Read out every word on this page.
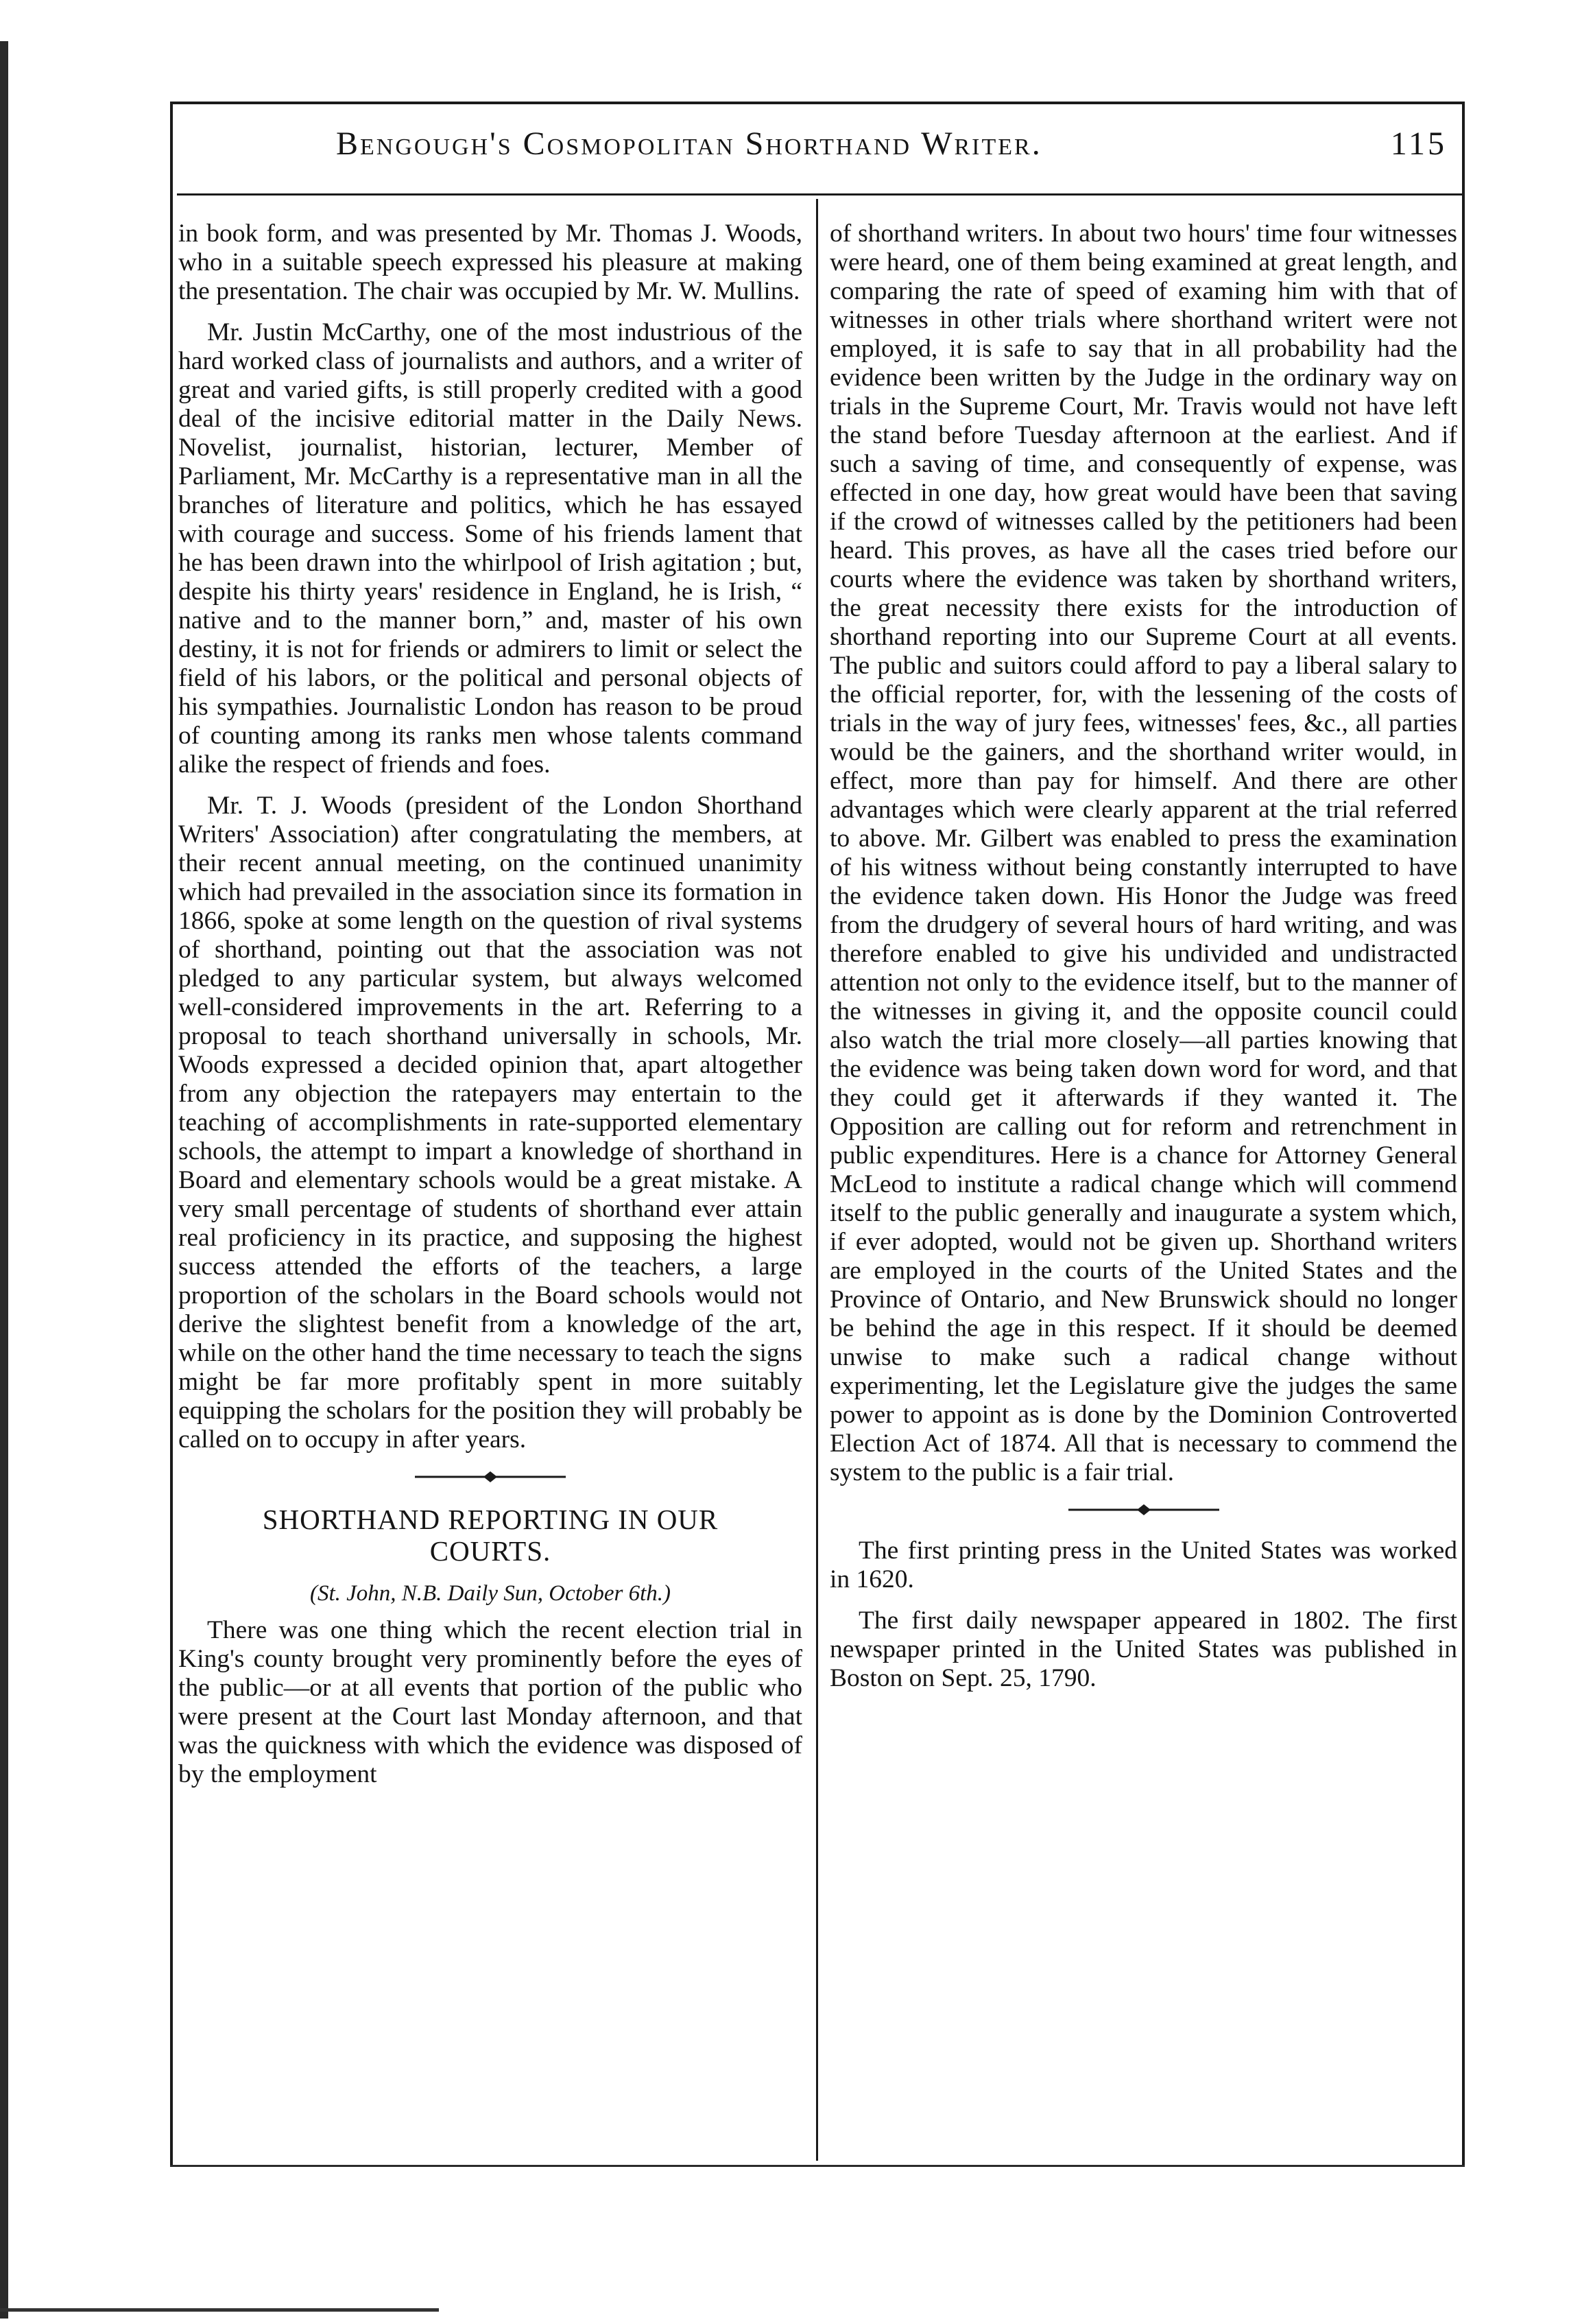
Bengough's Cosmopolitan Shorthand Writer.	115

in book form, and was presented by Mr. Thomas J. Woods, who in a suitable speech expressed his pleasure at making the presentation. The chair was occupied by Mr. W. Mullins.

Mr. Justin McCarthy, one of the most industrious of the hard worked class of journalists and authors, and a writer of great and varied gifts, is still properly credited with a good deal of the incisive editorial matter in the Daily News. Novelist, journalist, historian, lecturer, Member of Parliament, Mr. McCarthy is a representative man in all the branches of literature and politics, which he has essayed with courage and success. Some of his friends lament that he has been drawn into the whirlpool of Irish agitation ; but, despite his thirty years' residence in England, he is Irish, “ native and to the manner born,” and, master of his own destiny, it is not for friends or admirers to limit or select the field of his labors, or the political and personal objects of his sympathies. Journalistic London has reason to be proud of counting among its ranks men whose talents command alike the respect of friends and foes.

Mr. T. J. Woods (president of the London Shorthand Writers' Association) after congratulating the members, at their recent annual meeting, on the continued unanimity which had prevailed in the association since its formation in 1866, spoke at some length on the question of rival systems of shorthand, pointing out that the association was not pledged to any particular system, but always welcomed well-considered improvements in the art. Referring to a proposal to teach shorthand universally in schools, Mr. Woods expressed a decided opinion that, apart altogether from any objection the ratepayers may entertain to the teaching of accomplishments in rate-supported elementary schools, the attempt to impart a knowledge of shorthand in Board and elementary schools would be a great mistake. A very small percentage of students of shorthand ever attain real proficiency in its practice, and supposing the highest success attended the efforts of the teachers, a large proportion of the scholars in the Board schools would not derive the slightest benefit from a knowledge of the art, while on the other hand the time necessary to teach the signs might be far more profitably spent in more suitably equipping the scholars for the position they will probably be called on to occupy in after years.

SHORTHAND REPORTING IN OUR
COURTS.
(St. John, N.B. Daily Sun, October 6th.)

There was one thing which the recent election trial in King's county brought very prominently before the eyes of the public—or at all events that portion of the public who were present at the Court last Monday afternoon, and that was the quickness with which the evidence was disposed of by the employment

of shorthand writers. In about two hours' time four witnesses were heard, one of them being examined at great length, and comparing the rate of speed of examing him with that of witnesses in other trials where shorthand writert were not employed, it is safe to say that in all probability had the evidence been written by the Judge in the ordinary way on trials in the Supreme Court, Mr. Travis would not have left the stand before Tuesday afternoon at the earliest. And if such a saving of time, and consequently of expense, was effected in one day, how great would have been that saving if the crowd of witnesses called by the petitioners had been heard. This proves, as have all the cases tried before our courts where the evidence was taken by shorthand writers, the great necessity there exists for the introduction of shorthand reporting into our Supreme Court at all events. The public and suitors could afford to pay a liberal salary to the official reporter, for, with the lessening of the costs of trials in the way of jury fees, witnesses' fees, &c., all parties would be the gainers, and the shorthand writer would, in effect, more than pay for himself. And there are other advantages which were clearly apparent at the trial referred to above. Mr. Gilbert was enabled to press the examination of his witness without being constantly interrupted to have the evidence taken down. His Honor the Judge was freed from the drudgery of several hours of hard writing, and was therefore enabled to give his undivided and undistracted attention not only to the evidence itself, but to the manner of the witnesses in giving it, and the opposite council could also watch the trial more closely—all parties knowing that the evidence was being taken down word for word, and that they could get it afterwards if they wanted it. The Opposition are calling out for reform and retrenchment in public expenditures. Here is a chance for Attorney General McLeod to institute a radical change which will commend itself to the public generally and inaugurate a system which, if ever adopted, would not be given up. Shorthand writers are employed in the courts of the United States and the Province of Ontario, and New Brunswick should no longer be behind the age in this respect. If it should be deemed unwise to make such a radical change without experimenting, let the Legislature give the judges the same power to appoint as is done by the Dominion Controverted Election Act of 1874. All that is necessary to commend the system to the public is a fair trial.

The first printing press in the United States was worked in 1620.

The first daily newspaper appeared in 1802. The first newspaper printed in the United States was published in Boston on Sept. 25, 1790.
